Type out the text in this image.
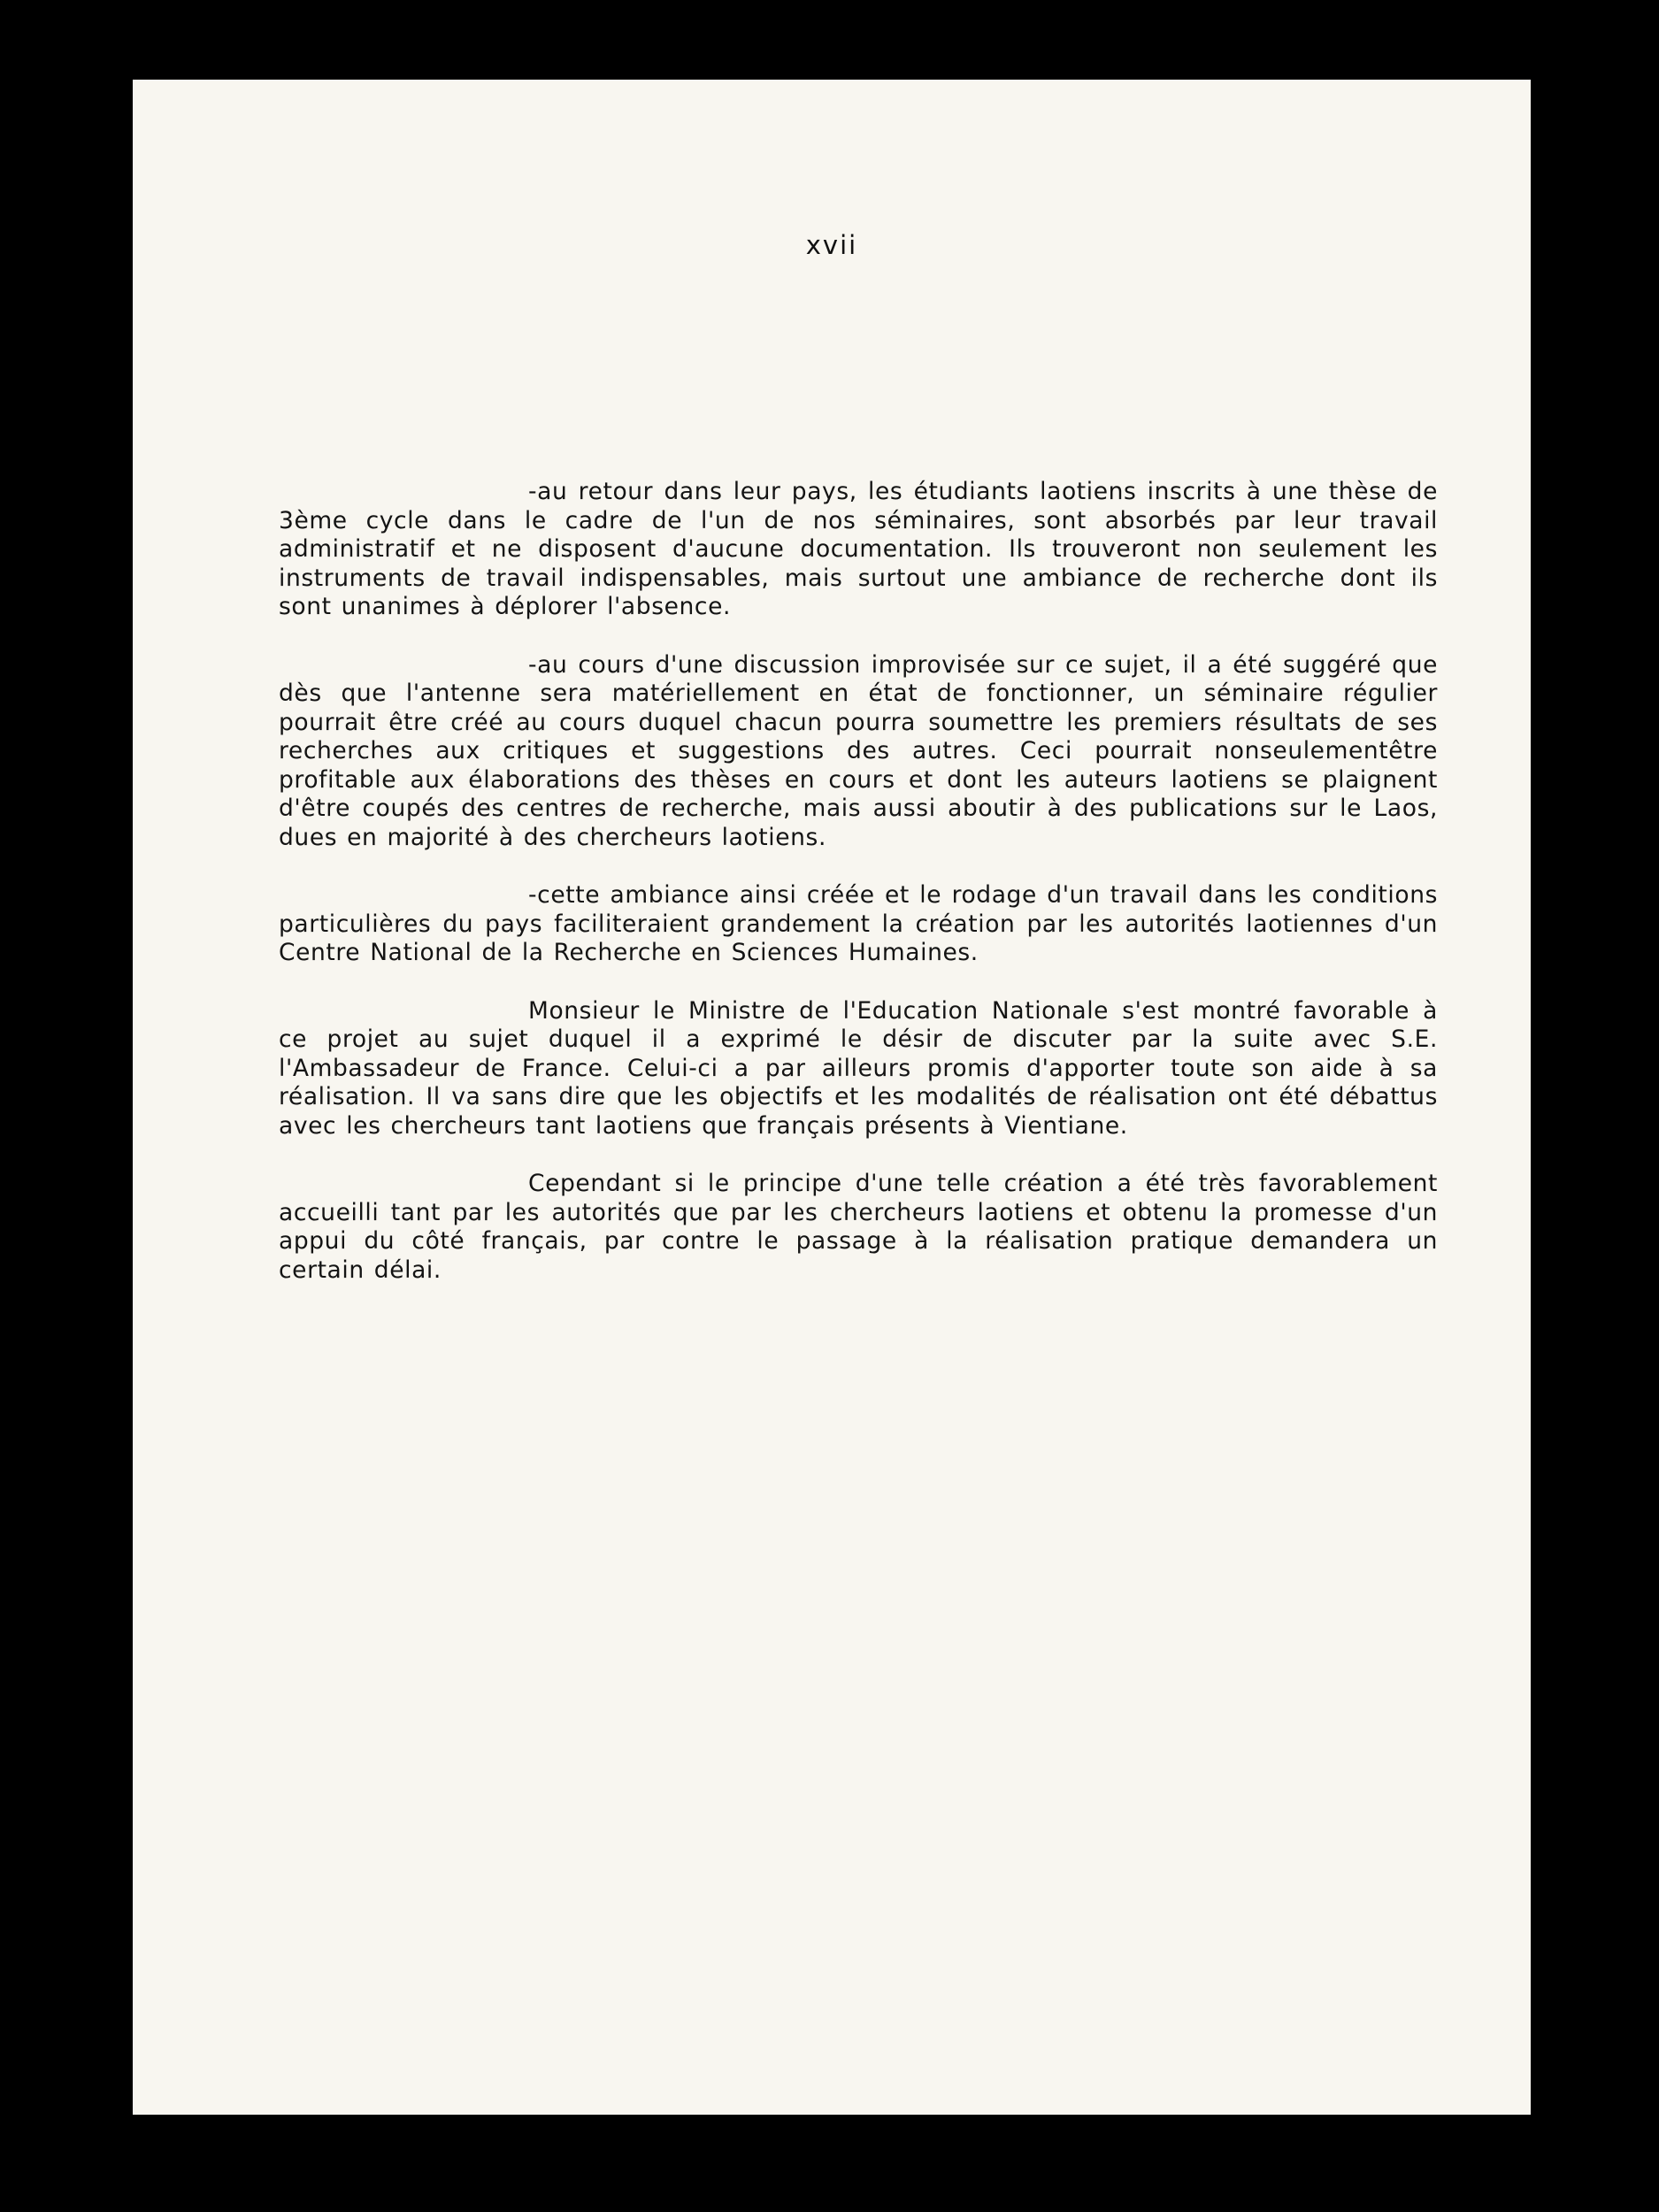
xvii

-au retour dans leur pays, les étudiants laotiens inscrits à une thèse de 3ème cycle dans le cadre de l'un de nos séminaires, sont absorbés par leur travail administratif et ne disposent d'aucune documentation. Ils trouveront non seulement les instruments de travail indispensables, mais surtout une ambiance de recherche dont ils sont unanimes à déplorer l'absence.

-au cours d'une discussion improvisée sur ce sujet, il a été suggéré que dès que l'antenne sera matériellement en état de fonctionner, un séminaire régulier pourrait être créé au cours duquel chacun pourra soumettre les premiers résultats de ses recherches aux critiques et suggestions des autres. Ceci pourrait nonseulementêtre profitable aux élaborations des thèses en cours et dont les auteurs laotiens se plaignent d'être coupés des centres de recherche, mais aussi aboutir à des publications sur le Laos, dues en majorité à des chercheurs laotiens.

-cette ambiance ainsi créée et le rodage d'un travail dans les conditions particulières du pays faciliteraient grandement la création par les autorités laotiennes d'un Centre National de la Recherche en Sciences Humaines.

Monsieur le Ministre de l'Education Nationale s'est montré favorable à ce projet au sujet duquel il a exprimé le désir de discuter par la suite avec S.E. l'Ambassadeur de France. Celui-ci a par ailleurs promis d'apporter toute son aide à sa réalisation. Il va sans dire que les objectifs et les modalités de réalisation ont été débattus avec les chercheurs tant laotiens que français présents à Vientiane.

Cependant si le principe d'une telle création a été très favorablement accueilli tant par les autorités que par les chercheurs laotiens et obtenu la promesse d'un appui du côté français, par contre le passage à la réalisation pratique demandera un certain délai.
